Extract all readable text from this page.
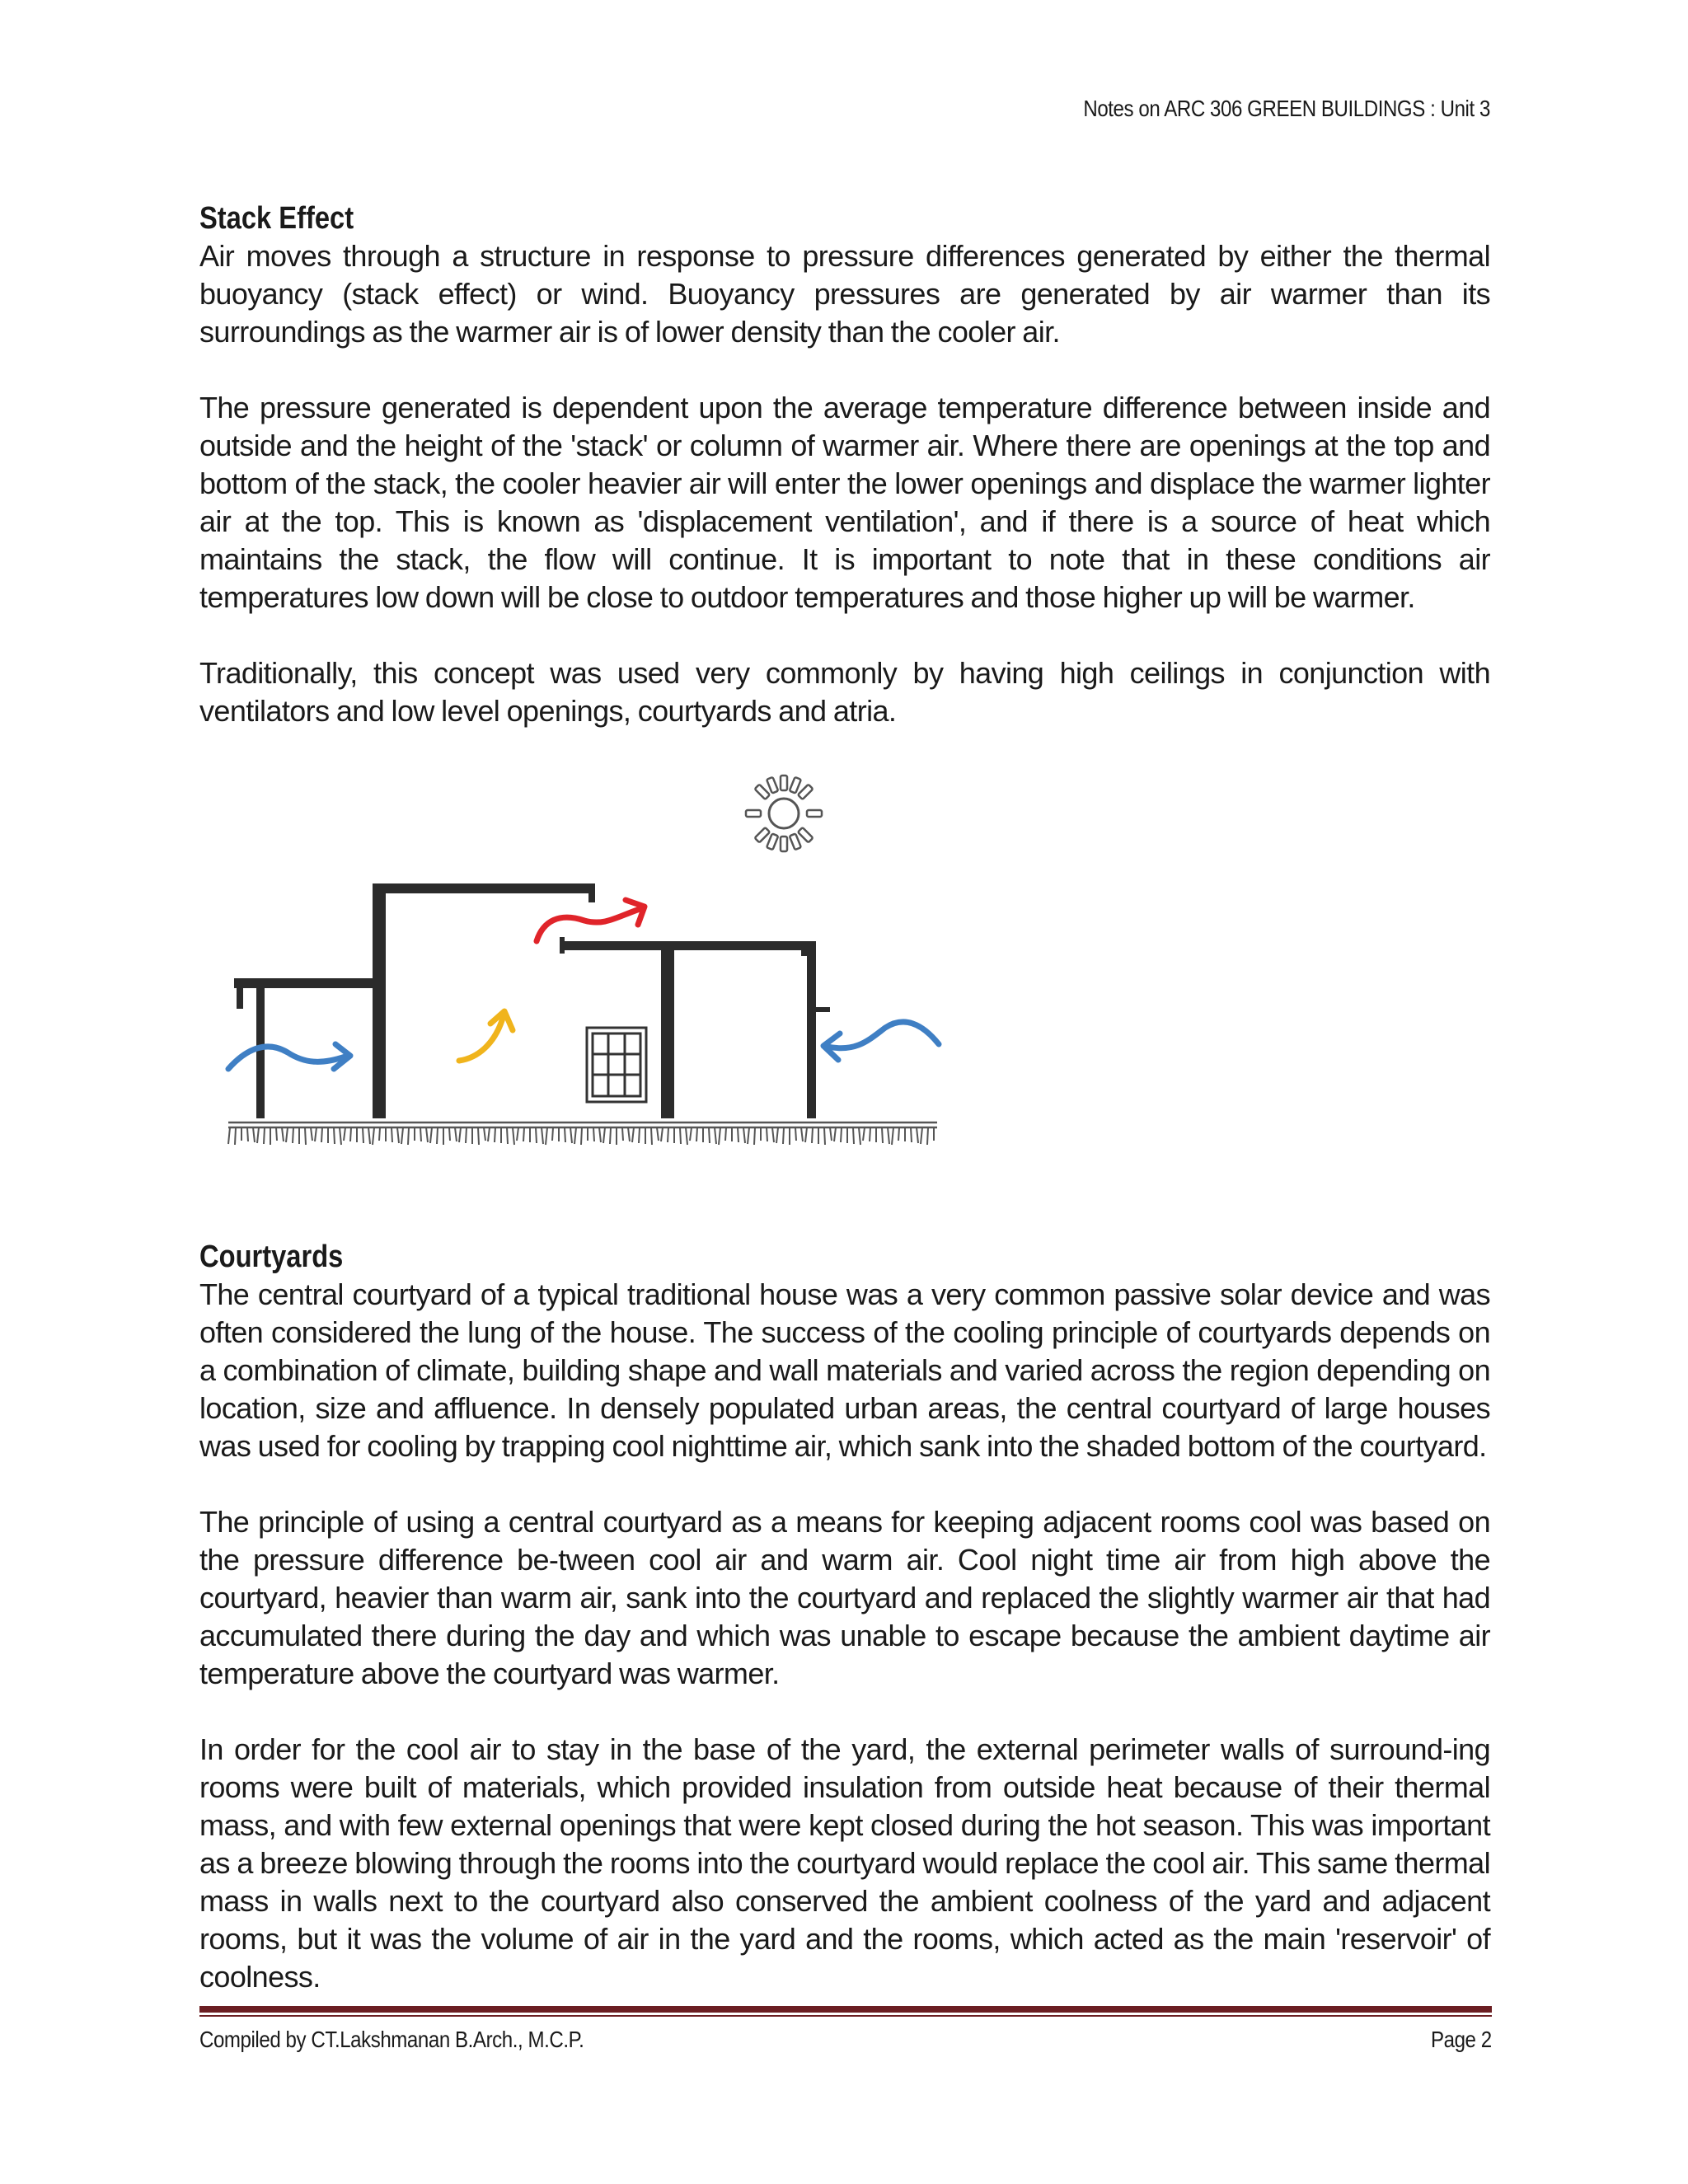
Notes on ARC 306 GREEN BUILDINGS : Unit 3
Stack Effect

Air moves through a structure in response to pressure differences generated by either the thermal buoyancy (stack effect) or wind. Buoyancy pressures are generated by air warmer than its surroundings as the warmer air is of lower density than the cooler air.

The pressure generated is dependent upon the average temperature difference between inside and outside and the height of the 'stack' or column of warmer air. Where there are openings at the top and bottom of the stack, the cooler heavier air will enter the lower openings and displace the warmer lighter air at the top. This is known as 'displacement ventilation', and if there is a source of heat which maintains the stack, the flow will continue. It is important to note that in these conditions air temperatures low down will be close to outdoor temperatures and those higher up will be warmer.

Traditionally, this concept was used very commonly by having high ceilings in conjunction with ventilators and low level openings, courtyards and atria.

Courtyards

The central courtyard of a typical traditional house was a very common passive solar device and was often considered the lung of the house. The success of the cooling principle of courtyards depends on a combination of climate, building shape and wall materials and varied across the region depending on location, size and affluence. In densely populated urban areas, the central courtyard of large houses was used for cooling by trapping cool nighttime air, which sank into the shaded bottom of the courtyard.

The principle of using a central courtyard as a means for keeping adjacent rooms cool was based on the pressure difference be-tween cool air and warm air. Cool night time air from high above the courtyard, heavier than warm air, sank into the courtyard and replaced the slightly warmer air that had accumulated there during the day and which was unable to escape because the ambient daytime air temperature above the courtyard was warmer.

In order for the cool air to stay in the base of the yard, the external perimeter walls of surround-ing rooms were built of materials, which provided insulation from outside heat because of their thermal mass, and with few external openings that were kept closed during the hot season. This was important as a breeze blowing through the rooms into the courtyard would replace the cool air. This same thermal mass in walls next to the courtyard also conserved the ambient coolness of the yard and adjacent rooms, but it was the volume of air in the yard and the rooms, which acted as the main 'reservoir' of coolness.

Compiled by CT.Lakshmanan B.Arch., M.C.P.	Page 2
